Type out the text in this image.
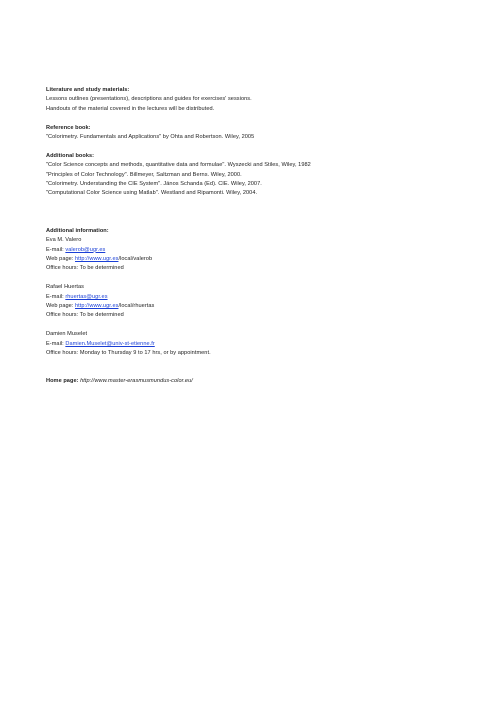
Literature and study materials:
Lessons outlines (presentations), descriptions and guides for exercises' sessions.
Handouts of the material covered in the lectures will be distributed.
Reference book:
"Colorimetry. Fundamentals and Applications" by Ohta and Robertson. Wiley, 2005
Additional books:
"Color Science concepts and methods, quantitative data and formulae". Wyszecki and Stiles, Wiley, 1982
"Principles of Color Technology". Billmeyer, Saltzman and Berns. Wiley, 2000.
"Colorimetry. Understanding the CIE System". János Schanda (Ed). CIE. Wiley, 2007.
"Computational Color Science using Matlab". Westland and Ripamonti. Wiley, 2004.
Additional information:
Eva M. Valero
E-mail: valerob@ugr.es
Web page: http://www.ugr.es/local/valerob
Office hours: To be determined
Rafael Huertas
E-mail: rhuertas@ugr.es
Web page: http://www.ugr.es/local/rhuertas
Office hours: To be determined
Damien Muselet
E-mail: Damien.Muselet@univ-st-etienne.fr
Office hours: Monday to Thursday 9 to 17 hrs, or by appointment.
Home page: http://www.master-erasmusmundus-color.eu/
